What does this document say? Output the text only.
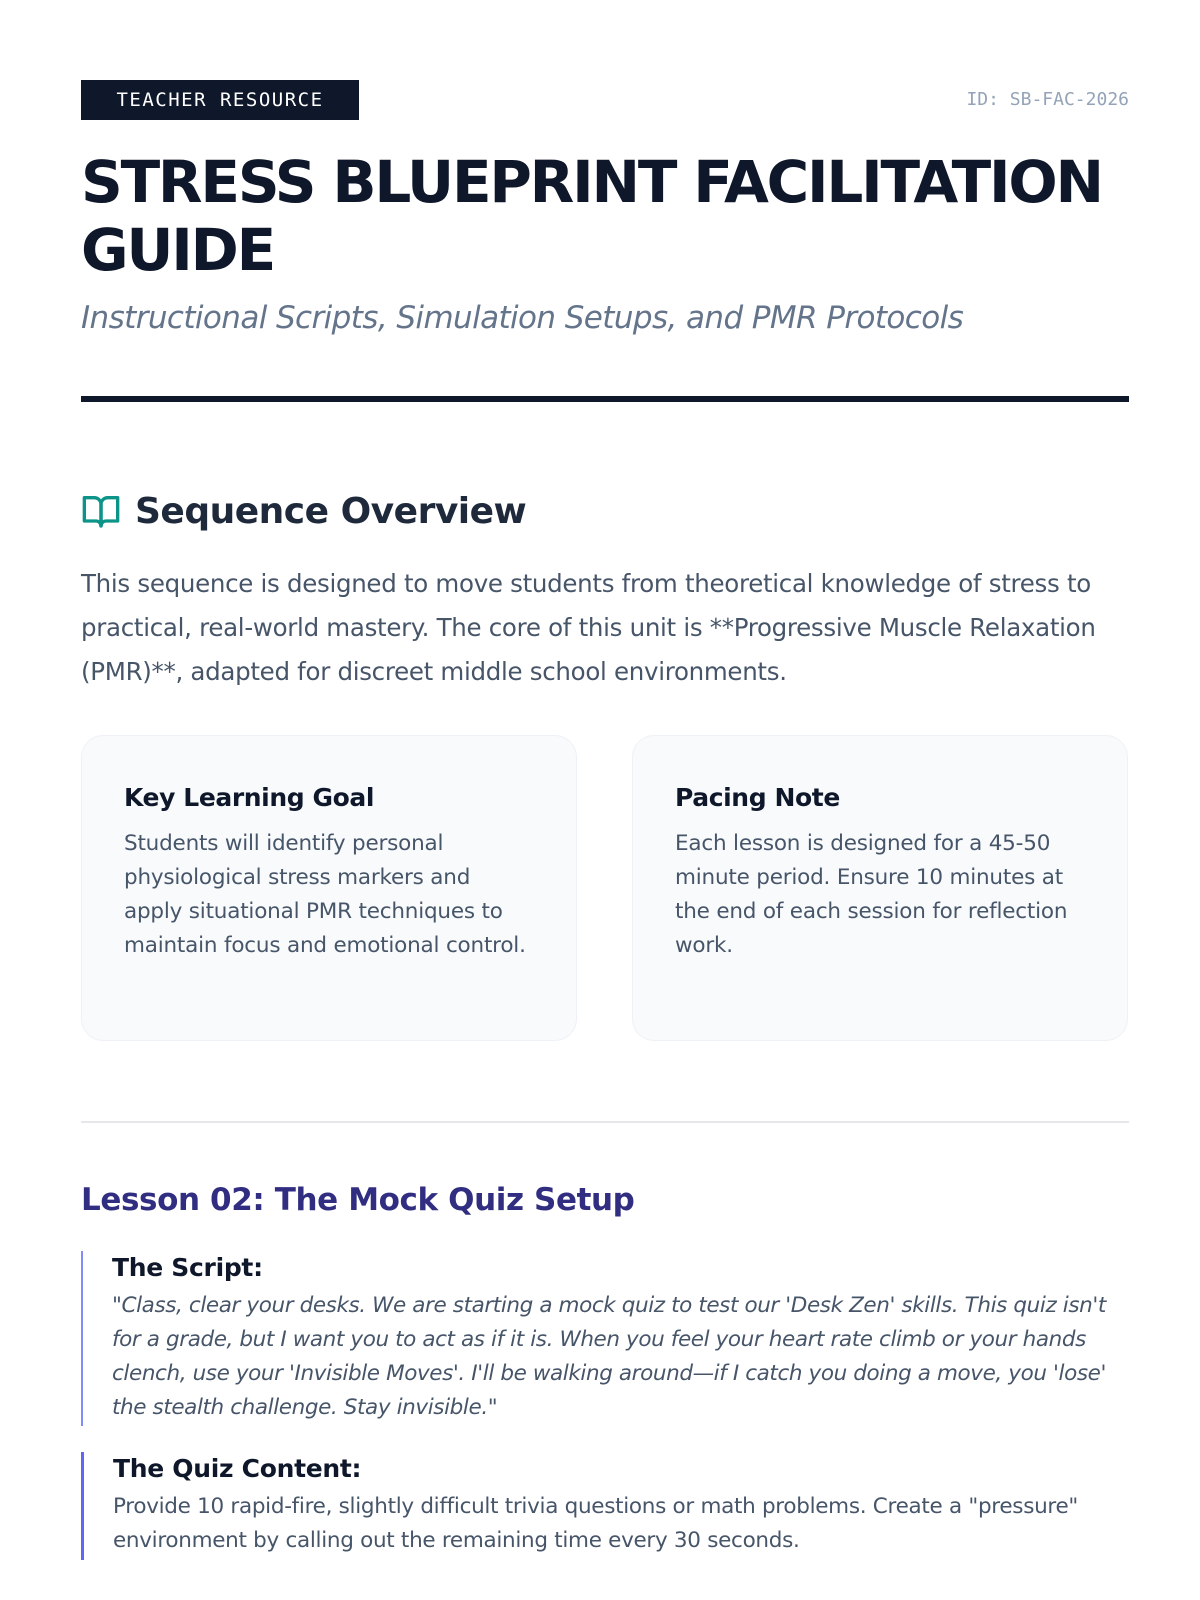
TEACHER RESOURCE	ID: SB-FAC-2026
STRESS BLUEPRINT FACILITATION GUIDE

Instructional Scripts, Simulation Setups, and PMR Protocols

Sequence Overview

This sequence is designed to move students from theoretical knowledge of stress to practical, real-world mastery. The core of this unit is **Progressive Muscle Relaxation (PMR)**, adapted for discreet middle school environments.

Key Learning Goal

Students will identify personal physiological stress markers and apply situational PMR techniques to maintain focus and emotional control.

Pacing Note

Each lesson is designed for a 45-50 minute period. Ensure 10 minutes at the end of each session for reflection work.

Lesson 02: The Mock Quiz Setup
The Script:

"Class, clear your desks. We are starting a mock quiz to test our 'Desk Zen' skills. This quiz isn't for a grade, but I want you to act as if it is. When you feel your heart rate climb or your hands clench, use your 'Invisible Moves'. I'll be walking around—if I catch you doing a move, you 'lose' the stealth challenge. Stay invisible."

The Quiz Content:

Provide 10 rapid-fire, slightly difficult trivia questions or math problems. Create a "pressure" environment by calling out the remaining time every 30 seconds.
